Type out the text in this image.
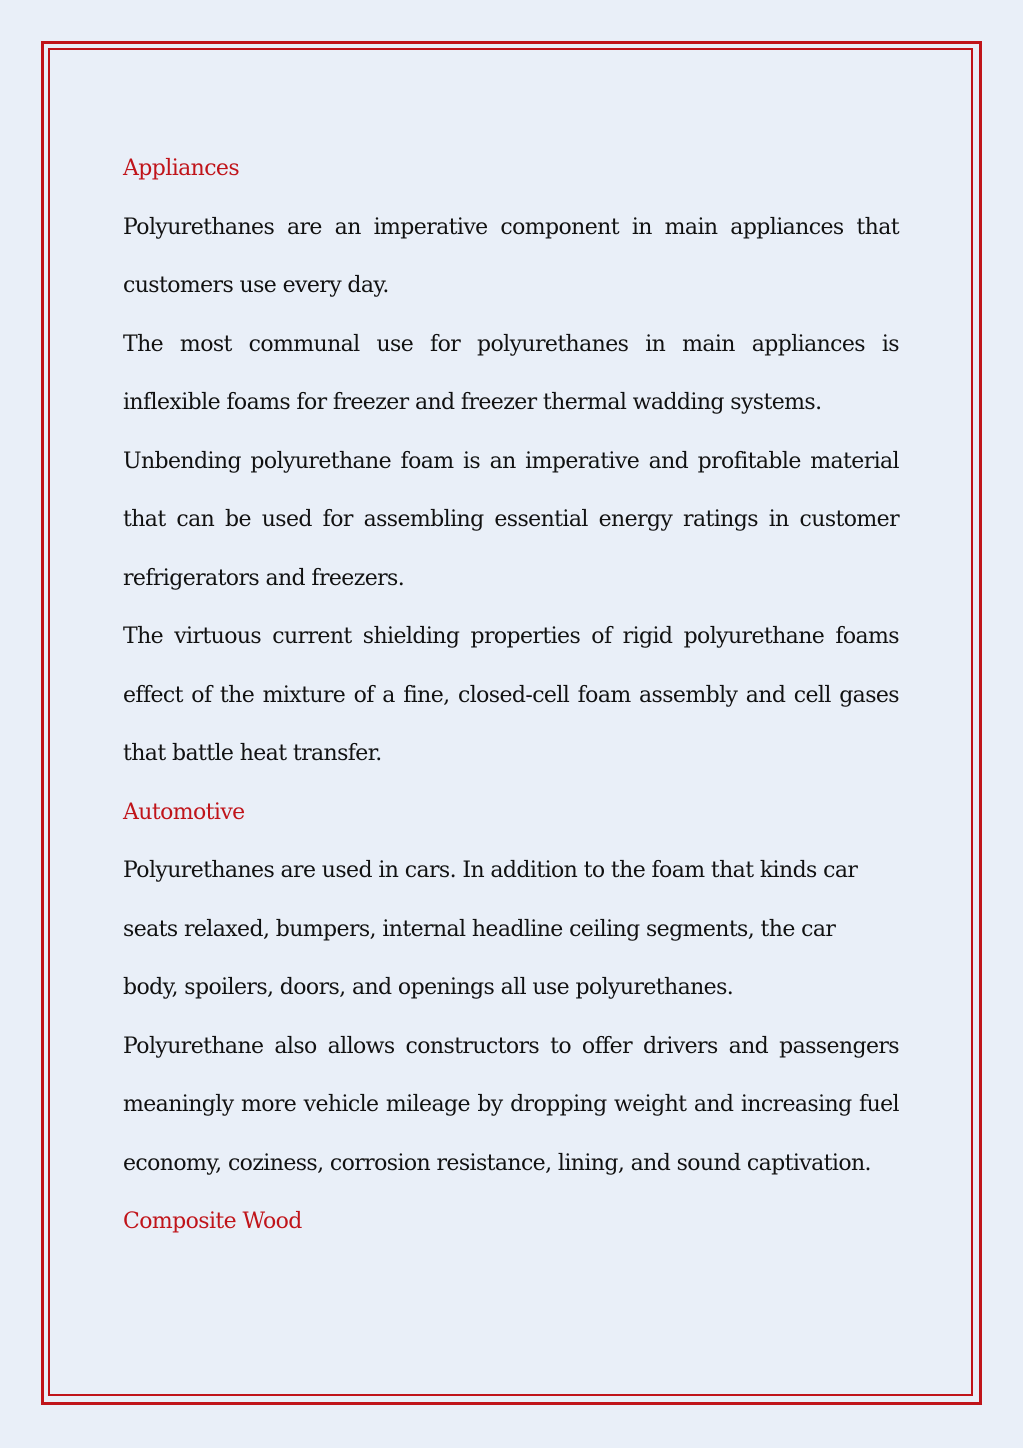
Appliances

Polyurethanes are an imperative component in main appliances that customers use every day.

The most communal use for polyurethanes in main appliances is inflexible foams for freezer and freezer thermal wadding systems.

Unbending polyurethane foam is an imperative and profitable material that can be used for assembling essential energy ratings in customer refrigerators and freezers.

The virtuous current shielding properties of rigid polyurethane foams effect of the mixture of a fine, closed-cell foam assembly and cell gases that battle heat transfer.

Automotive

Polyurethanes are used in cars. In addition to the foam that kinds car seats relaxed, bumpers, internal headline ceiling segments, the car

body, spoilers, doors, and openings all use polyurethanes.

Polyurethane also allows constructors to offer drivers and passengers meaningly more vehicle mileage by dropping weight and increasing fuel economy, coziness, corrosion resistance, lining, and sound captivation.

Composite Wood
